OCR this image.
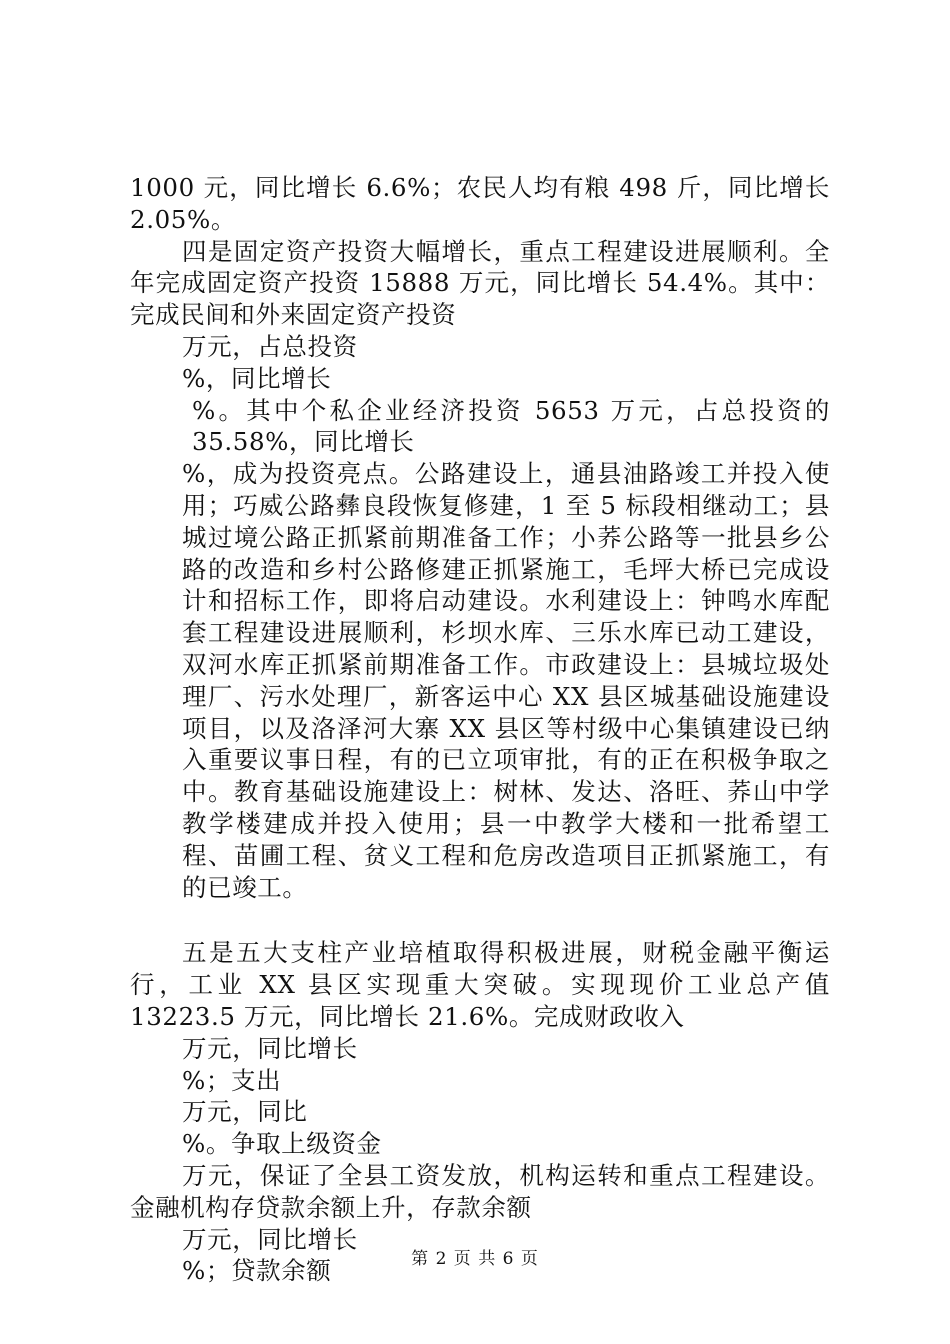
1000 元，同比增长 6.6%；农民人均有粮 498 斤，同比增长 2.05%。

四是固定资产投资大幅增长，重点工程建设进展顺利。全年完成固定资产投资 15888 万元，同比增长 54.4%。其中：完成民间和外来固定资产投资

万元，占总投资

%，同比增长

%。其中个私企业经济投资 5653 万元，占总投资的 35.58%，同比增长

%，成为投资亮点。公路建设上，通县油路竣工并投入使用；巧威公路彝良段恢复修建，1 至 5 标段相继动工；县城过境公路正抓紧前期准备工作；小荞公路等一批县乡公路的改造和乡村公路修建正抓紧施工，毛坪大桥已完成设计和招标工作，即将启动建设。水利建设上：钟鸣水库配套工程建设进展顺利，杉坝水库、三乐水库已动工建设，双河水库正抓紧前期准备工作。市政建设上：县城垃圾处理厂、污水处理厂，新客运中心 XX 县区城基础设施建设项目，以及洛泽河大寨 XX 县区等村级中心集镇建设已纳入重要议事日程，有的已立项审批，有的正在积极争取之中。教育基础设施建设上：树林、发达、洛旺、荞山中学教学楼建成并投入使用；县一中教学大楼和一批希望工程、苗圃工程、贫义工程和危房改造项目正抓紧施工，有的已竣工。

五是五大支柱产业培植取得积极进展，财税金融平衡运行，工业 XX 县区实现重大突破。实现现价工业总产值 13223.5 万元，同比增长 21.6%。完成财政收入

万元，同比增长

%；支出

万元，同比

%。争取上级资金

万元，保证了全县工资发放，机构运转和重点工程建设。金融机构存贷款余额上升，存款余额

万元，同比增长

%；贷款余额	第 2 页 共 6 页
